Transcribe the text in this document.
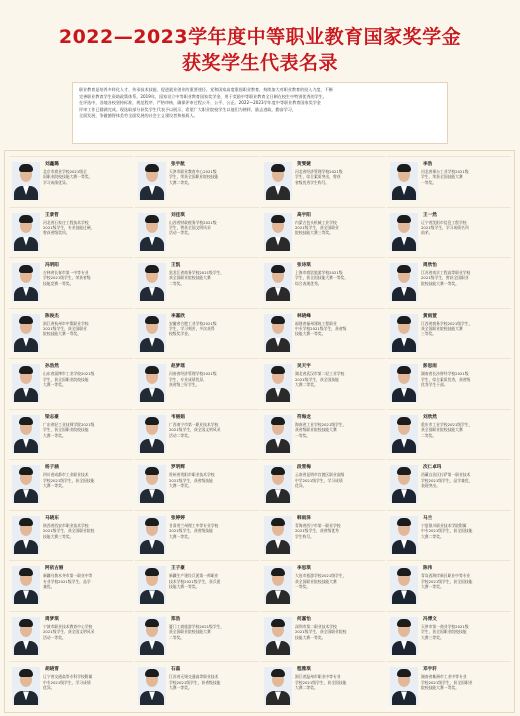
2022—2023学年度中等职业教育国家奖学金
获奖学生代表名录
职业教育是培养多样化人才、传承技术技能、促进就业创业的重要途径。党和国家高度重视职业教育，持续加大对职业教育的投入力度，不断
完善职业教育学生资助政策体系。2019年，国家设立中等职业教育国家奖学金，用于奖励中等职业教育全日制在校生中特别优秀的学生。
在评选中，各地各校坚持标准，规范程序，严格审核，确保评审过程公开、公平、公正。2022—2023学年度中等职业教育国家奖学金
评审工作已圆满完成。现选取部分获奖学生代表予以展示，希望广大职业院校学生以他们为榜样，励志进取，勤奋学习，
全面发展，争做德智体美劳全面发展的社会主义建设者和接班人。
刘鑫璐
北京市商业学校2021级全
国职业院校技能大赛一等奖，
学习成绩优异。
张宇航
天津市职业教育中心2021级
学生，荣获全国职业院校技能
大赛二等奖。
贺雯婕
河北省经济管理学校2021级
学生，综合素质突出，曾获
省级优秀学生称号。
李浩
河北省邢台工业学校2021级
学生，荣获全国技能大赛
一等奖。
王景哲
河北省石家庄工程技术学校
2021级学生，专业技能过硬，
曾获省级奖项。
刘佳琪
山西省财政税务学校2021级
学生，曾获全国文明风采
活动一等奖。
高宇阳
内蒙古包头机械工业学校
2021级学生，获全国职业
院校技能大赛三等奖。
王一然
辽宁省沈阳市信息工程学校
2021级学生，学习成绩名列
前茅。
冯明阳
吉林省长春市第一中等专业
学校2021级学生，荣获省级
技能竞赛一等奖。
王凯
黑龙江省商务学校2021级学生，
获全国职业院校技能大赛
二等奖。
张诗琪
上海市商贸旅游学校2021级
学生，获全国技能大赛一等奖，
综合表现优秀。
周欣怡
江苏省南京工程高等职业学校
2021级学生，曾获全国职业
院校技能大赛一等奖。
陈俊杰
浙江省杭州市中策职业学校
2021级学生，获全国职业
院校技能大赛一等奖。
李嘉欣
安徽省合肥工业学校2021级
学生，学习刻苦，多次获得
校级奖学金。
林晓峰
福建省福州建筑工程职业
中专学校2021级学生，获省级
技能大赛一等奖。
黄雨萱
江西省商务学校2021级学生，
获全国职业院校技能大赛
三等奖。
孙浩然
山东省淄博市工业学校2021级
学生，获全国职业院校技能
大赛一等奖。
赵梦瑶
河南省经济管理学校2021级
学生，专业成绩优异，
获省级三好学生。
吴天宇
湖北省武汉市第二轻工业学校
2021级学生，获全国技能
大赛二等奖。
彭思雨
湖南省长沙财经学校2021级
学生，综合素质优秀，获省级
优秀学生干部。
梁志豪
广东省轻工业技师学院2021级
学生，获全国职业院校技能
大赛一等奖。
韦丽娟
广西南宁市第一职业技术学校
2021级学生，获全国文明风采
活动二等奖。
符海龙
海南省工业学校2021级学生，
获省级职业院校技能大赛
一等奖。
刘欣然
重庆市工业学校2021级学生，
获全国职业院校技能大赛
二等奖。
杨子涵
四川省成都市工业职业技术
学校2021级学生，获全国技能
大赛一等奖。
罗明辉
贵州省贵阳市职业技术学校
2021级学生，获省级技能
大赛一等奖。
段雪梅
云南省昆明市官渡区职业高级
中学2021级学生，学习成绩
优异。
次仁卓玛
西藏自治区拉萨第一职业技术
学校2021级学生，品学兼优，
表现突出。
马晓东
陕西省西安市职业技术学校
2021级学生，获全国职业院校
技能大赛三等奖。
张婷婷
甘肃省兰州理工中等专业学校
2021级学生，获省级技能
大赛一等奖。
韩雨泽
青海省西宁市第一职业学校
2021级学生，获省级优秀
学生称号。
马兰
宁夏银川职业技术学院附属
中专2021级学生，获全国技能
大赛二等奖。
阿依古丽
新疆乌鲁木齐市第一职业中等
专业学校2021级学生，品学
兼优。
王子豪
新疆生产建设兵团第一师职业
技术学校2021级学生，获兵团
技能大赛一等奖。
李思琪
大连市旅游学校2021级学生，
获全国职业院校技能大赛
一等奖。
陈伟
青岛西海岸新区职业中等专业
学校2021级学生，获全国技能
大赛一等奖。
周梦琪
宁波市职业技术教育中心学校
2021级学生，获全国文明风采
活动一等奖。
郑浩
厦门工商旅游学校2021级学生，
获全国职业院校技能大赛
二等奖。
何嘉怡
深圳市第二职业技术学校
2021级学生，获全国职业院校
技能大赛一等奖。
冯博文
天津市第一商业学校2021级
学生，获全国职业院校技能
大赛三等奖。
胡晓雪
辽宁省交通高等专科学校附属
中专2021级学生，学习成绩
优异。
石磊
江苏省无锡交通高等职业技术
学校2021级学生，获省级技能
大赛一等奖。
程雅琪
浙江省温州市职业中等专业
学校2021级学生，获全国技能
大赛二等奖。
邓宇轩
湖南省株洲市工业中等专业
学校2021级学生，获全国职业
院校技能大赛一等奖。
